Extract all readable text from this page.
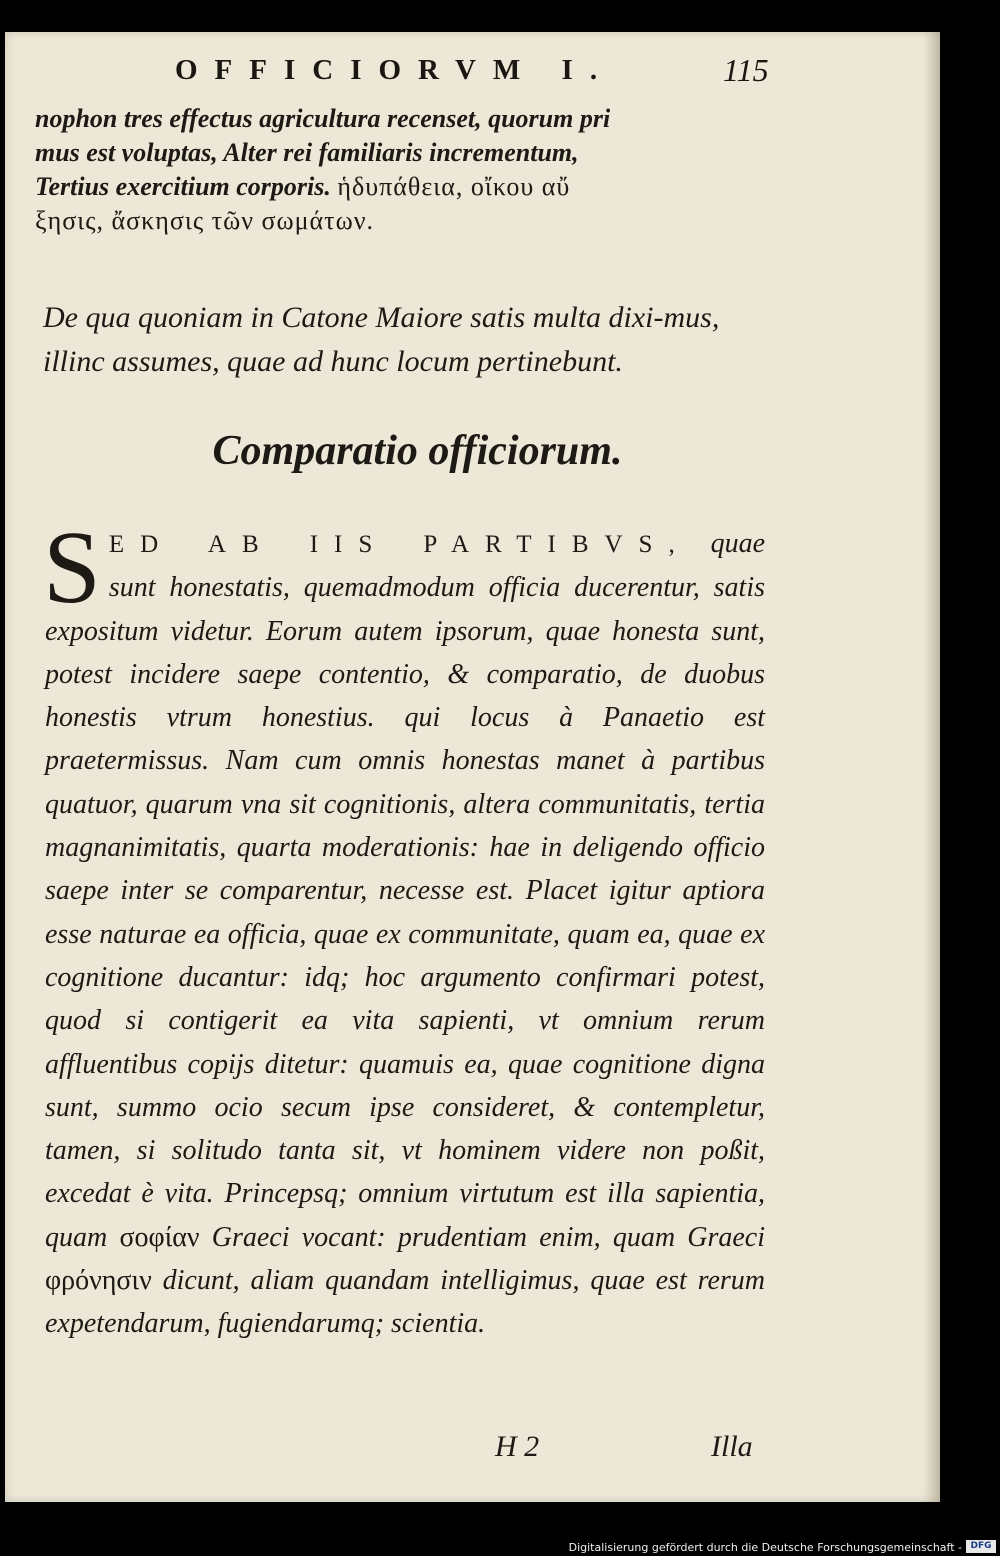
OFFICIORVM I.	115

nophon tres effectus agricultura recenset, quorum pri
mus est voluptas, Alter rei familiaris incrementum,
Tertius exercitium corporis. ἡδυπάθεια, οἴκου αὔ
ξησις, ἄσκησις τῶν σωμάτων.

De qua quoniam in Catone Maiore satis multa dixi-mus, illinc assumes, quae ad hunc locum pertinebunt.

Comparatio officiorum.

SED AB IIS PARTIBVS, quae sunt honestatis, quemadmodum officia ducerentur, satis expositum videtur. Eorum autem ipsorum, quae honesta sunt, potest incidere saepe contentio, & comparatio, de duobus honestis vtrum honestius. qui locus à Panaetio est praetermissus. Nam cum omnis honestas manet à partibus quatuor, quarum vna sit cognitionis, altera communitatis, tertia magnanimitatis, quarta moderationis: hae in deligendo officio saepe inter se comparentur, necesse est. Placet igitur aptiora esse naturae ea officia, quae ex communitate, quam ea, quae ex cognitione ducantur: idq; hoc argumento confirmari potest, quod si contigerit ea vita sapienti, vt omnium rerum affluentibus copijs ditetur: quamuis ea, quae cognitione digna sunt, summo ocio secum ipse consideret, & contempletur, tamen, si solitudo tanta sit, vt hominem videre non poßit, excedat è vita. Princepsq; omnium virtutum est illa sapientia, quam σοφίαν Graeci vocant: prudentiam enim, quam Graeci φρόνησιν dicunt, aliam quandam intelligimus, quae est rerum expetendarum, fugiendarumq; scientia.

H 2	Illa
Digitalisierung gefördert durch die Deutsche Forschungsgemeinschaft - DFG
